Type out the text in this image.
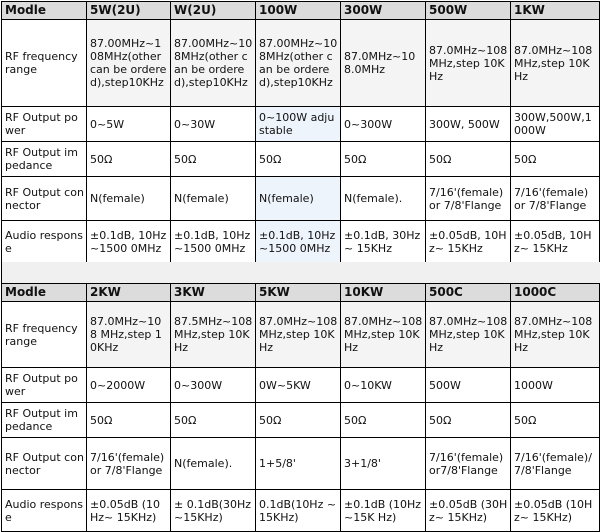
Modle	5W(2U)	W(2U)	100W	300W	500W	1KW
RF frequency range	87.00MHz~108MHz(other can be ordered),step10KHz	87.00MHz~108MHz(other can be ordered),step10KHz	87.00MHz~108MHz(other can be ordered),step10KHz	87.0MHz~108.0MHz	87.0MHz~108 MHz,step 10KHz	87.0MHz~108 MHz,step 10KHz
RF Output power	0~5W	0~30W	0~100W adjustable	0~300W	300W, 500W	300W,500W,1000W
RF Output impedance	50Ω	50Ω	50Ω	50Ω	50Ω	50Ω
RF Output connector	N(female)	N(female)	N(female)	N(female).	7/16'(female) or 7/8'Flange	7/16'(female) or 7/8'Flange
Audio response	±0.1dB, 10Hz~1500 0MHz	±0.1dB, 10Hz~1500 0MHz	±0.1dB, 10Hz~1500 0MHz	±0.1dB, 30Hz~ 15KHz	±0.05dB, 10Hz~ 15KHz	±0.05dB, 10Hz~ 15KHz
Modle	2KW	3KW	5KW	10KW	500C	1000C
RF frequency range	87.0MHz~108 MHz,step 10KHz	87.5MHz~108 MHz,step 10KHz	87.0MHz~108 MHz,step 10KHz	87.0MHz~108 MHz,step 10KHz	87.0MHz~108 MHz,step 10KHz	87.0MHz~108 MHz,step 10KHz
RF Output power	0~2000W	0~300W	0W~5KW	0~10KW	500W	1000W
RF Output impedance	50Ω	50Ω	50Ω	50Ω	50Ω	50Ω
RF Output connector	7/16'(female) or 7/8'Flange	N(female).	1+5/8'	3+1/8'	7/16'(female)or7/8'Flange	7/16'(female)/7/8'Flange
Audio response	±0.05dB (10Hz~ 15KHz)	± 0.1dB(30Hz ~15KHz)	0.1dB(10Hz ~15KHz)	±0.1dB (10Hz~15K Hz)	±0.05dB (30Hz~ 15KHz)	±0.05dB (10Hz~ 15KHz)
